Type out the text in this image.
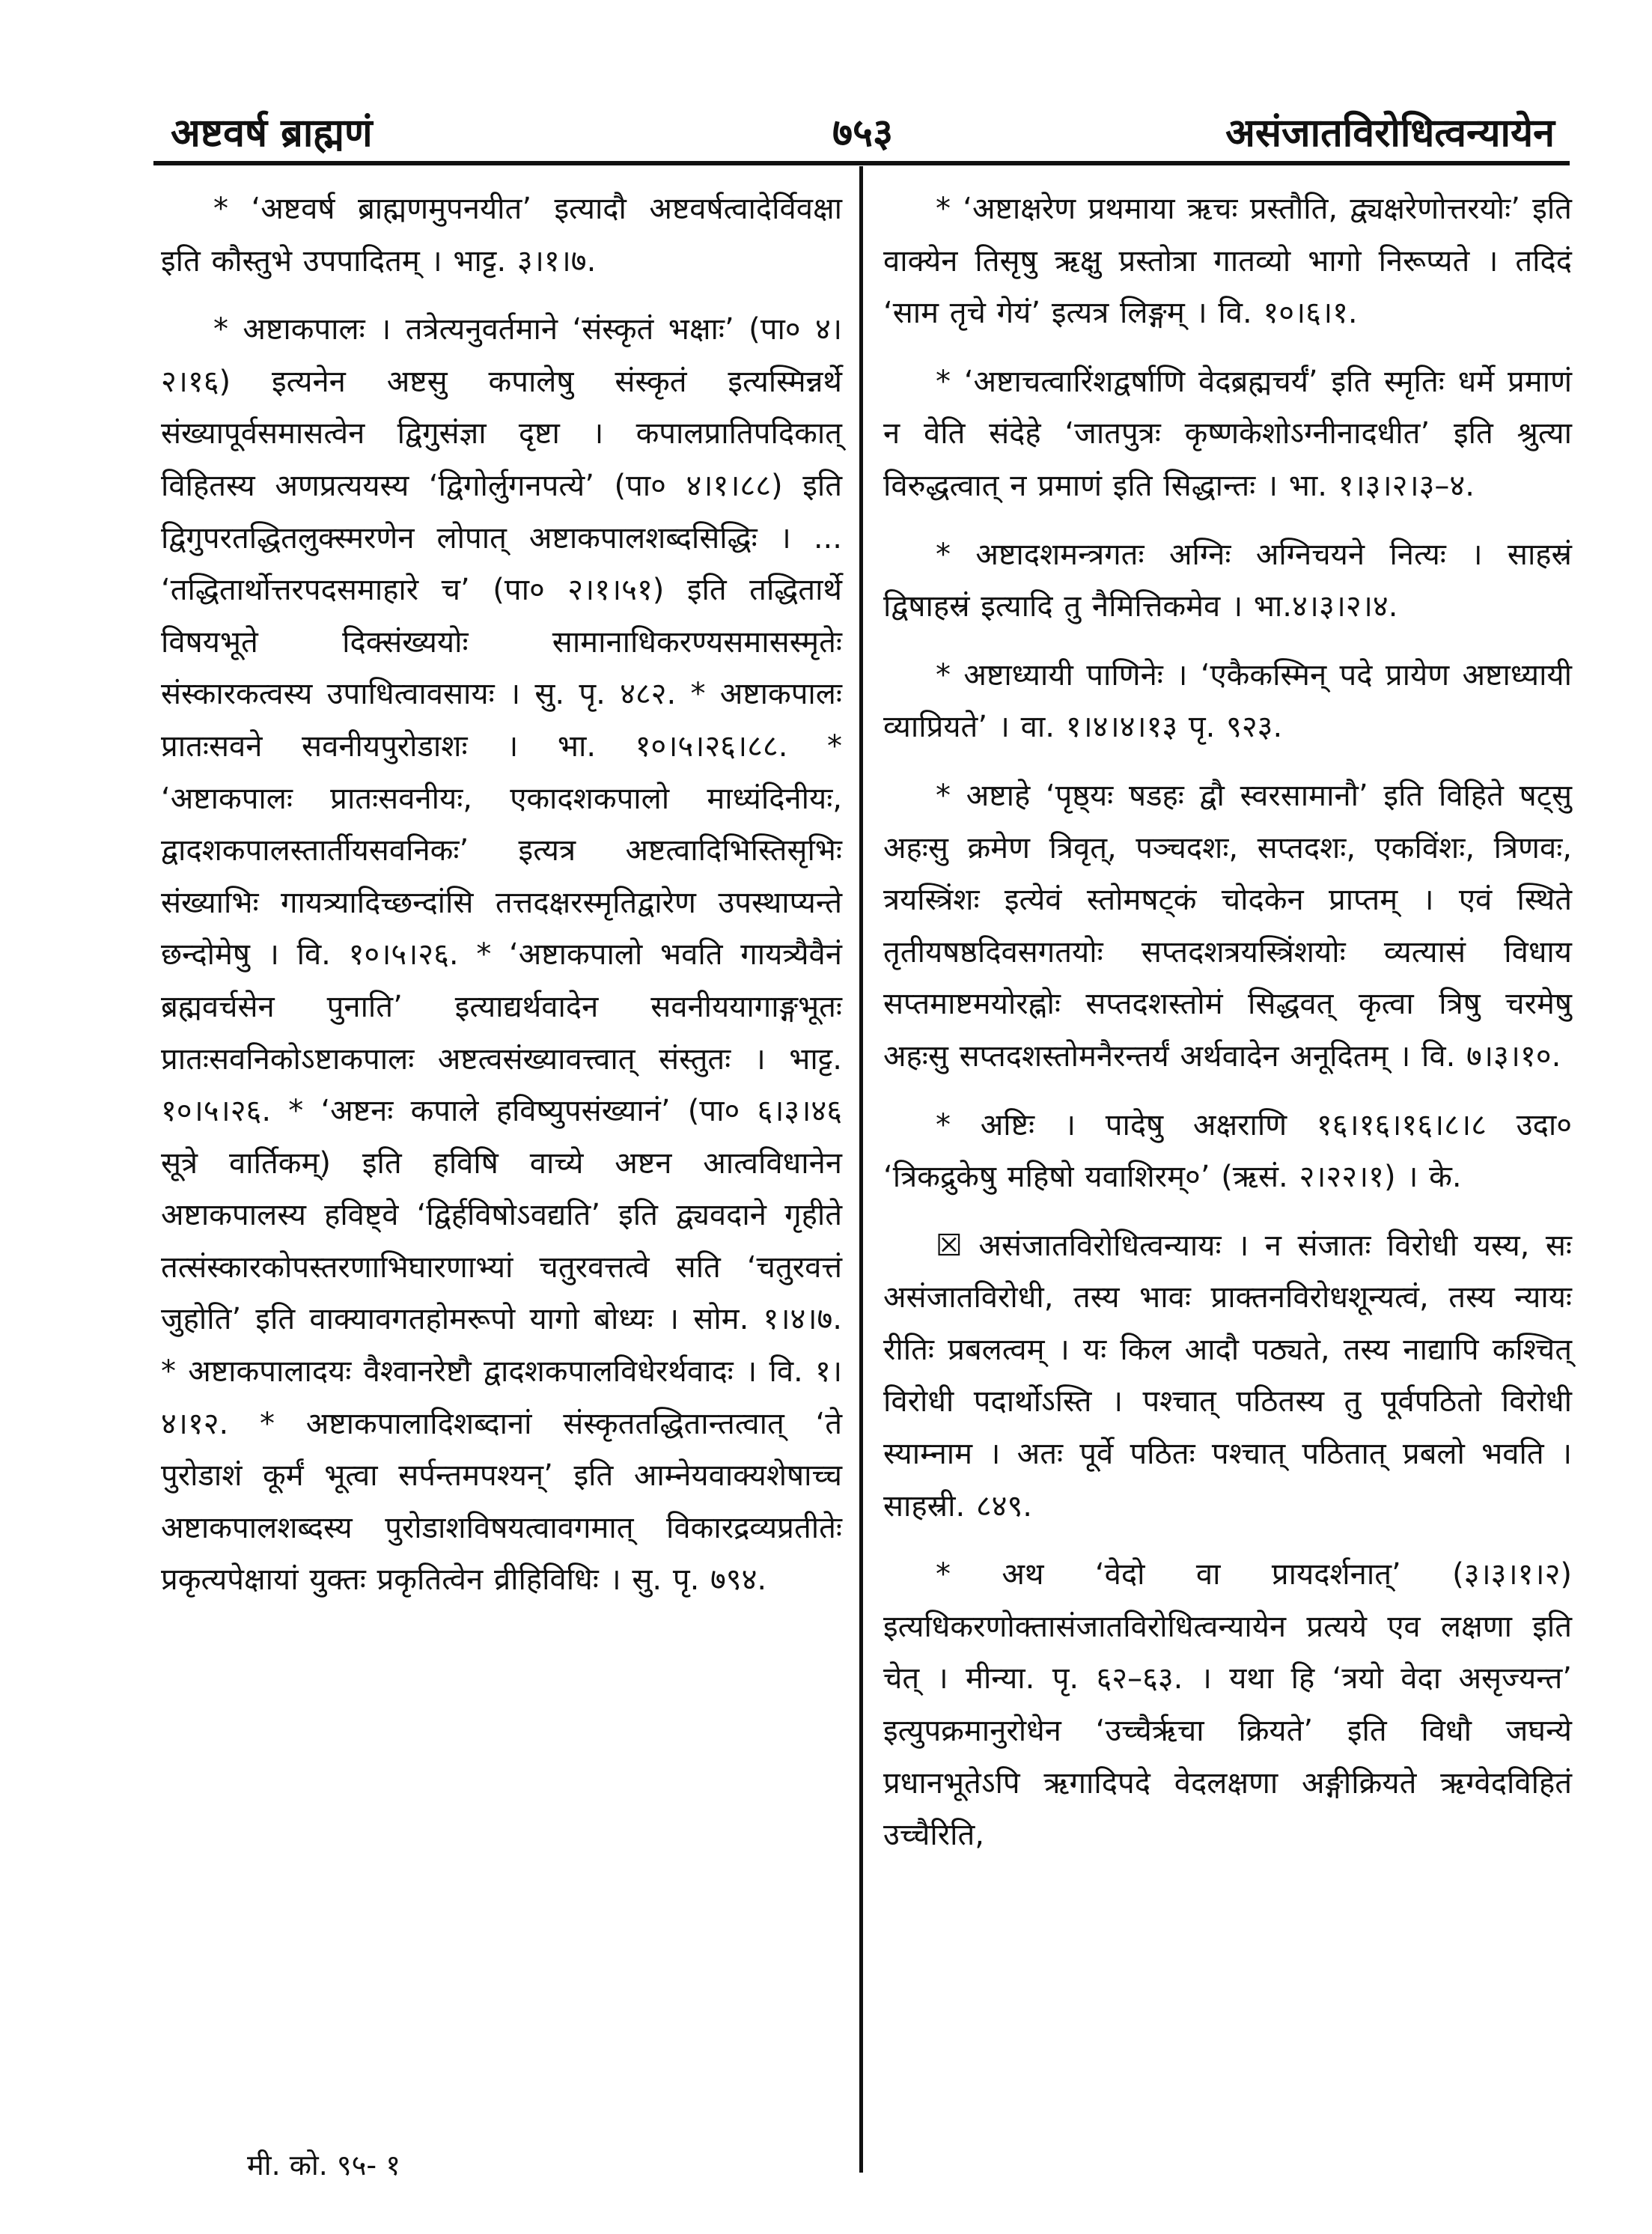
अष्टवर्ष ब्राह्मणं	७५३	असंजातविरोधित्वन्यायेन

* ‘अष्टवर्ष ब्राह्मणमुपनयीत’ इत्यादौ अष्टवर्षत्वादेर्विवक्षा इति कौस्तुभे उपपादितम् । भाट्ट. ३।१।७.

* अष्टाकपालः । तत्रेत्यनुवर्तमाने ‘संस्कृतं भक्षाः’ (पा० ४।२।१६) इत्यनेन अष्टसु कपालेषु संस्कृतं इत्यस्मिन्नर्थे संख्यापूर्वसमासत्वेन द्विगुसंज्ञा दृष्टा । कपालप्रातिपदिकात् विहितस्य अणप्रत्ययस्य ‘द्विगोर्लुगनपत्ये’ (पा० ४।१।८८) इति द्विगुपरतद्धितलुक्स्मरणेन लोपात् अष्टाकपालशब्दसिद्धिः । ... ‘तद्धितार्थोत्तरपदसमाहारे च’ (पा० २।१।५१) इति तद्धितार्थे विषयभूते दिक्संख्ययोः सामानाधिकरण्यसमासस्मृतेः संस्कारकत्वस्य उपाधित्वावसायः । सु. पृ. ४८२. * अष्टाकपालः प्रातःसवने सवनीयपुरोडाशः । भा. १०।५।२६।८८. * ‘अष्टाकपालः प्रातःसवनीयः, एकादशकपालो माध्यंदिनीयः, द्वादशकपालस्तार्तीयसवनिकः’ इत्यत्र अष्टत्वादिभिस्तिसृभिः संख्याभिः गायत्र्यादिच्छन्दांसि तत्तदक्षरस्मृतिद्वारेण उपस्थाप्यन्ते छन्दोमेषु । वि. १०।५।२६. * ‘अष्टाकपालो भवति गायत्र्यैवैनं ब्रह्मवर्चसेन पुनाति’ इत्याद्यर्थवादेन सवनीययागाङ्गभूतः प्रातःसवनिकोऽष्टाकपालः अष्टत्वसंख्यावत्त्वात् संस्तुतः । भाट्ट. १०।५।२६. * ‘अष्टनः कपाले हविष्युपसंख्यानं’ (पा० ६।३।४६ सूत्रे वार्तिकम्) इति हविषि वाच्ये अष्टन आत्वविधानेन अष्टाकपालस्य हविष्ट्वे ‘द्विर्हविषोऽवद्यति’ इति द्व्यवदाने गृहीते तत्संस्कारकोपस्तरणाभिघारणाभ्यां चतुरवत्तत्वे सति ‘चतुरवत्तं जुहोति’ इति वाक्यावगतहोमरूपो यागो बोध्यः । सोम. १।४।७. * अष्टाकपालादयः वैश्वानरेष्टौ द्वादशकपालविधेरर्थवादः । वि. १।४।१२. * अष्टाकपालादिशब्दानां संस्कृततद्धितान्तत्वात् ‘ते पुरोडाशं कूर्मं भूत्वा सर्पन्तमपश्यन्’ इति आम्नेयवाक्यशेषाच्च अष्टाकपालशब्दस्य पुरोडाशविषयत्वावगमात् विकारद्रव्यप्रतीतेः प्रकृत्यपेक्षायां युक्तः प्रकृतित्वेन व्रीहिविधिः । सु. पृ. ७९४.

* ‘अष्टाक्षरेण प्रथमाया ऋचः प्रस्तौति, द्व्यक्षरेणोत्तरयोः’ इति वाक्येन तिसृषु ऋक्षु प्रस्तोत्रा गातव्यो भागो निरूप्यते । तदिदं ‘साम तृचे गेयं’ इत्यत्र लिङ्गम् । वि. १०।६।१.

* ‘अष्टाचत्वारिंशद्वर्षाणि वेदब्रह्मचर्यं’ इति स्मृतिः धर्मे प्रमाणं न वेति संदेहे ‘जातपुत्रः कृष्णकेशोऽग्नीनादधीत’ इति श्रुत्या विरुद्धत्वात् न प्रमाणं इति सिद्धान्तः । भा. १।३।२।३–४.

* अष्टादशमन्त्रगतः अग्निः अग्निचयने नित्यः । साहस्रं द्विषाहस्रं इत्यादि तु नैमित्तिकमेव । भा.४।३।२।४.

* अष्टाध्यायी पाणिनेः । ‘एकैकस्मिन् पदे प्रायेण अष्टाध्यायी व्याप्रियते’ । वा. १।४।४।१३ पृ. ९२३.

* अष्टाहे ‘पृष्ठ्यः षडहः द्वौ स्वरसामानौ’ इति विहिते षट्सु अहःसु क्रमेण त्रिवृत्, पञ्चदशः, सप्तदशः, एकविंशः, त्रिणवः, त्रयस्त्रिंशः इत्येवं स्तोमषट्कं चोदकेन प्राप्तम् । एवं स्थिते तृतीयषष्ठदिवसगतयोः सप्तदशत्रयस्त्रिंशयोः व्यत्यासं विधाय सप्तमाष्टमयोरह्नोः सप्तदशस्तोमं सिद्धवत् कृत्वा त्रिषु चरमेषु अहःसु सप्तदशस्तोमनैरन्तर्यं अर्थवादेन अनूदितम् । वि. ७।३।१०.

* अष्टिः । पादेषु अक्षराणि १६।१६।१६।८।८ उदा० ‘त्रिकद्रुकेषु महिषो यवाशिरम्०’ (ऋसं. २।२२।१) । के.

☒ असंजातविरोधित्वन्यायः । न संजातः विरोधी यस्य, सः असंजातविरोधी, तस्य भावः प्राक्तनविरोधशून्यत्वं, तस्य न्यायः रीतिः प्रबलत्वम् । यः किल आदौ पठ्यते, तस्य नाद्यापि कश्चित् विरोधी पदार्थोऽस्ति । पश्चात् पठितस्य तु पूर्वपठितो विरोधी स्याम्नाम । अतः पूर्वे पठितः पश्चात् पठितात् प्रबलो भवति । साहस्री. ८४९.

* अथ ‘वेदो वा प्रायदर्शनात्’ (३।३।१।२) इत्यधिकरणोक्तासंजातविरोधित्वन्यायेन प्रत्यये एव लक्षणा इति चेत् । मीन्या. पृ. ६२–६३. । यथा हि ‘त्रयो वेदा असृज्यन्त’ इत्युपक्रमानुरोधेन ‘उच्चैर्ऋचा क्रियते’ इति विधौ जघन्ये प्रधानभूतेऽपि ऋगादिपदे वेदलक्षणा अङ्गीक्रियते ऋग्वेदविहितं उच्चैरिति,

मी. को. ९५- १
